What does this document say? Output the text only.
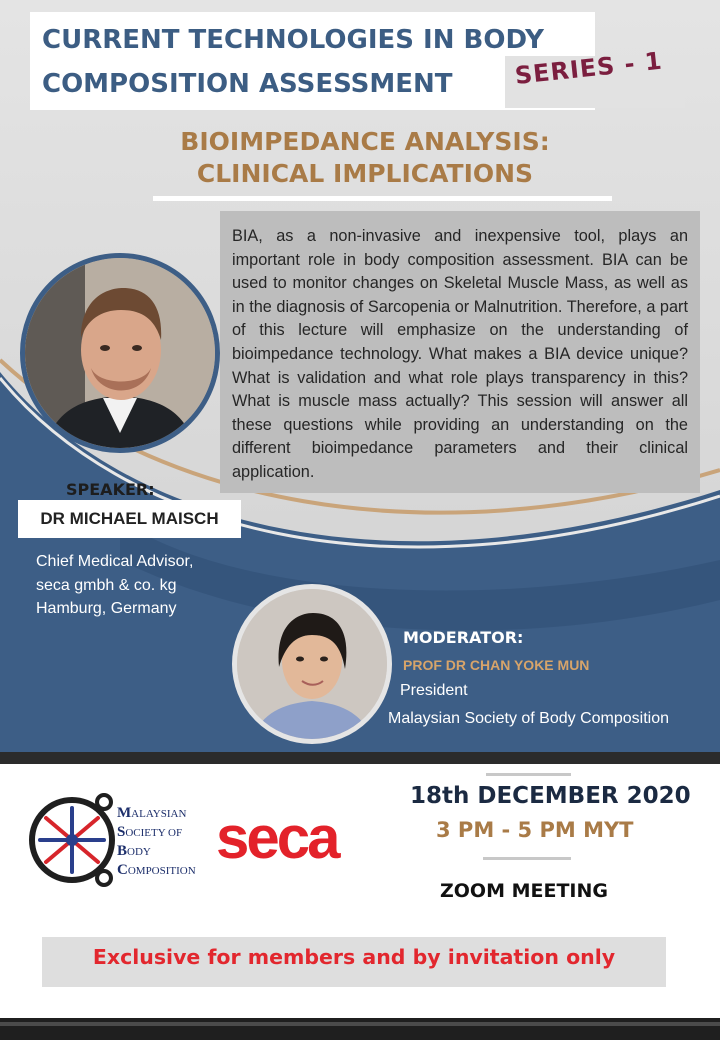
CURRENT TECHNOLOGIES IN BODY
COMPOSITION ASSESSMENT	SERIES - 1
BIOIMPEDANCE ANALYSIS:
CLINICAL IMPLICATIONS
BIA, as a non-invasive and inexpensive tool, plays an important role in body composition assessment. BIA can be used to monitor changes on Skeletal Muscle Mass, as well as in the diagnosis of Sarcopenia or Malnutrition. Therefore, a part of this lecture will emphasize on the understanding of bioimpedance technology. What makes a BIA device unique? What is validation and what role plays transparency in this? What is muscle mass actually? This session will answer all these questions while providing an understanding on the different bioimpedance parameters and their clinical application.
SPEAKER:
DR MICHAEL MAISCH
Chief Medical Advisor,
seca gmbh & co. kg
Hamburg, Germany
MODERATOR:
PROF DR CHAN YOKE MUN
President
Malaysian Society of Body Composition
MALAYSIAN
SOCIETY OF
BODY
COMPOSITION seca
18th DECEMBER 2020
3 PM - 5 PM MYT
ZOOM MEETING
Exclusive for members and by invitation only
